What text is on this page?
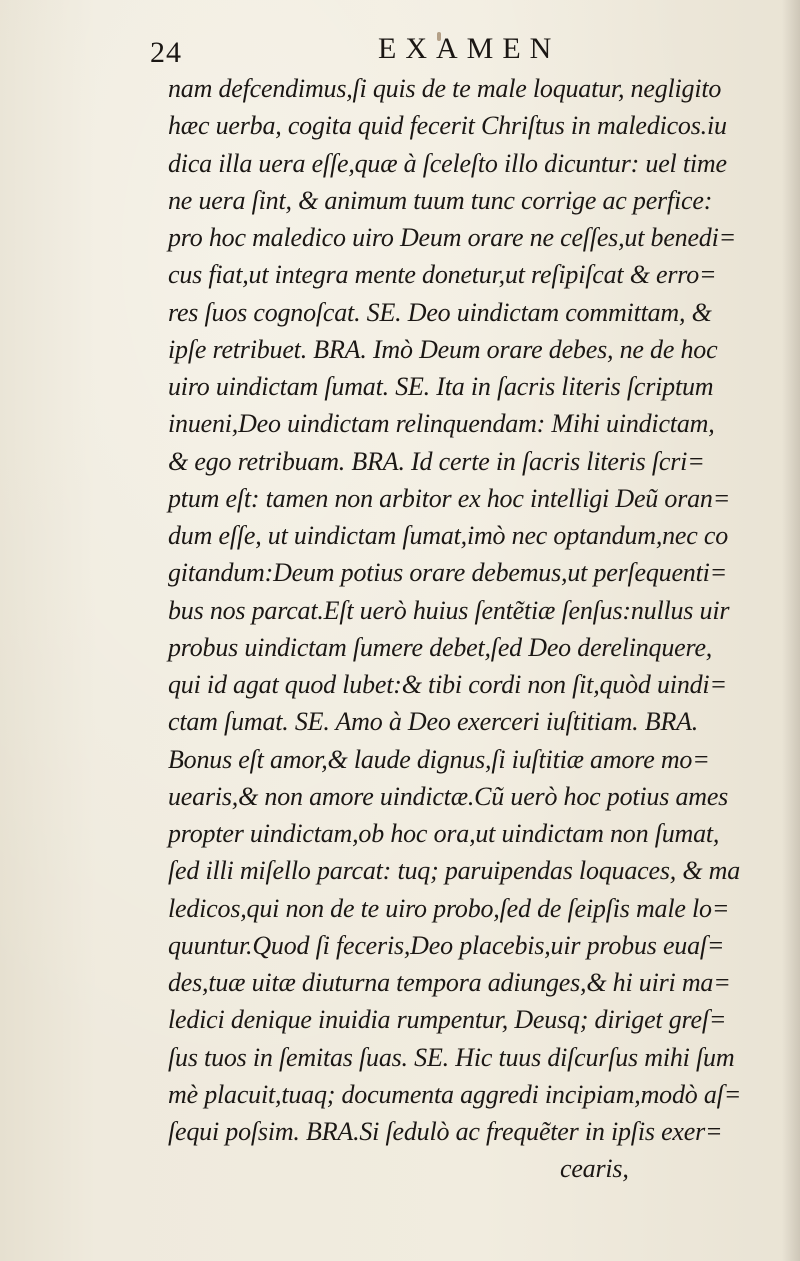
24	EXAMEN
nam defcendimus,ſi quis de te male loquatur, negligito
hæc uerba, cogita quid fecerit Chriſtus in maledicos.iu
dica illa uera eſſe,quæ à ſceleſto illo dicuntur: uel time
ne uera ſint, & animum tuum tunc corrige ac perfice:
pro hoc maledico uiro Deum orare ne ceſſes,ut benedi=
cus fiat,ut integra mente donetur,ut reſipiſcat & erro=
res ſuos cognoſcat. SE. Deo uindictam committam, &
ipſe retribuet. BRA. Imò Deum orare debes, ne de hoc
uiro uindictam ſumat. SE. Ita in ſacris literis ſcriptum
inueni,Deo uindictam relinquendam: Mihi uindictam,
& ego retribuam. BRA. Id certe in ſacris literis ſcri=
ptum eſt: tamen non arbitor ex hoc intelligi Deũ oran=
dum eſſe, ut uindictam ſumat,imò nec optandum,nec co
gitandum:Deum potius orare debemus,ut perſequenti=
bus nos parcat.Eſt uerò huius ſentẽtiæ ſenſus:nullus uir
probus uindictam ſumere debet,ſed Deo derelinquere,
qui id agat quod lubet:& tibi cordi non ſit,quòd uindi=
ctam ſumat. SE. Amo à Deo exerceri iuſtitiam. BRA.
Bonus eſt amor,& laude dignus,ſi iuſtitiæ amore mo=
uearis,& non amore uindictæ.Cũ uerò hoc potius ames
propter uindictam,ob hoc ora,ut uindictam non ſumat,
ſed illi miſello parcat: tuq; paruipendas loquaces, & ma
ledicos,qui non de te uiro probo,ſed de ſeipſis male lo=
quuntur.Quod ſi feceris,Deo placebis,uir probus euaſ=
des,tuæ uitæ diuturna tempora adiunges,& hi uiri ma=
ledici denique inuidia rumpentur, Deusq; diriget greſ=
ſus tuos in ſemitas ſuas. SE. Hic tuus diſcurſus mihi ſum
mè placuit,tuaq; documenta aggredi incipiam,modò aſ=
ſequi poſsim. BRA.Si ſedulò ac frequẽter in ipſis exer=
cearis,
